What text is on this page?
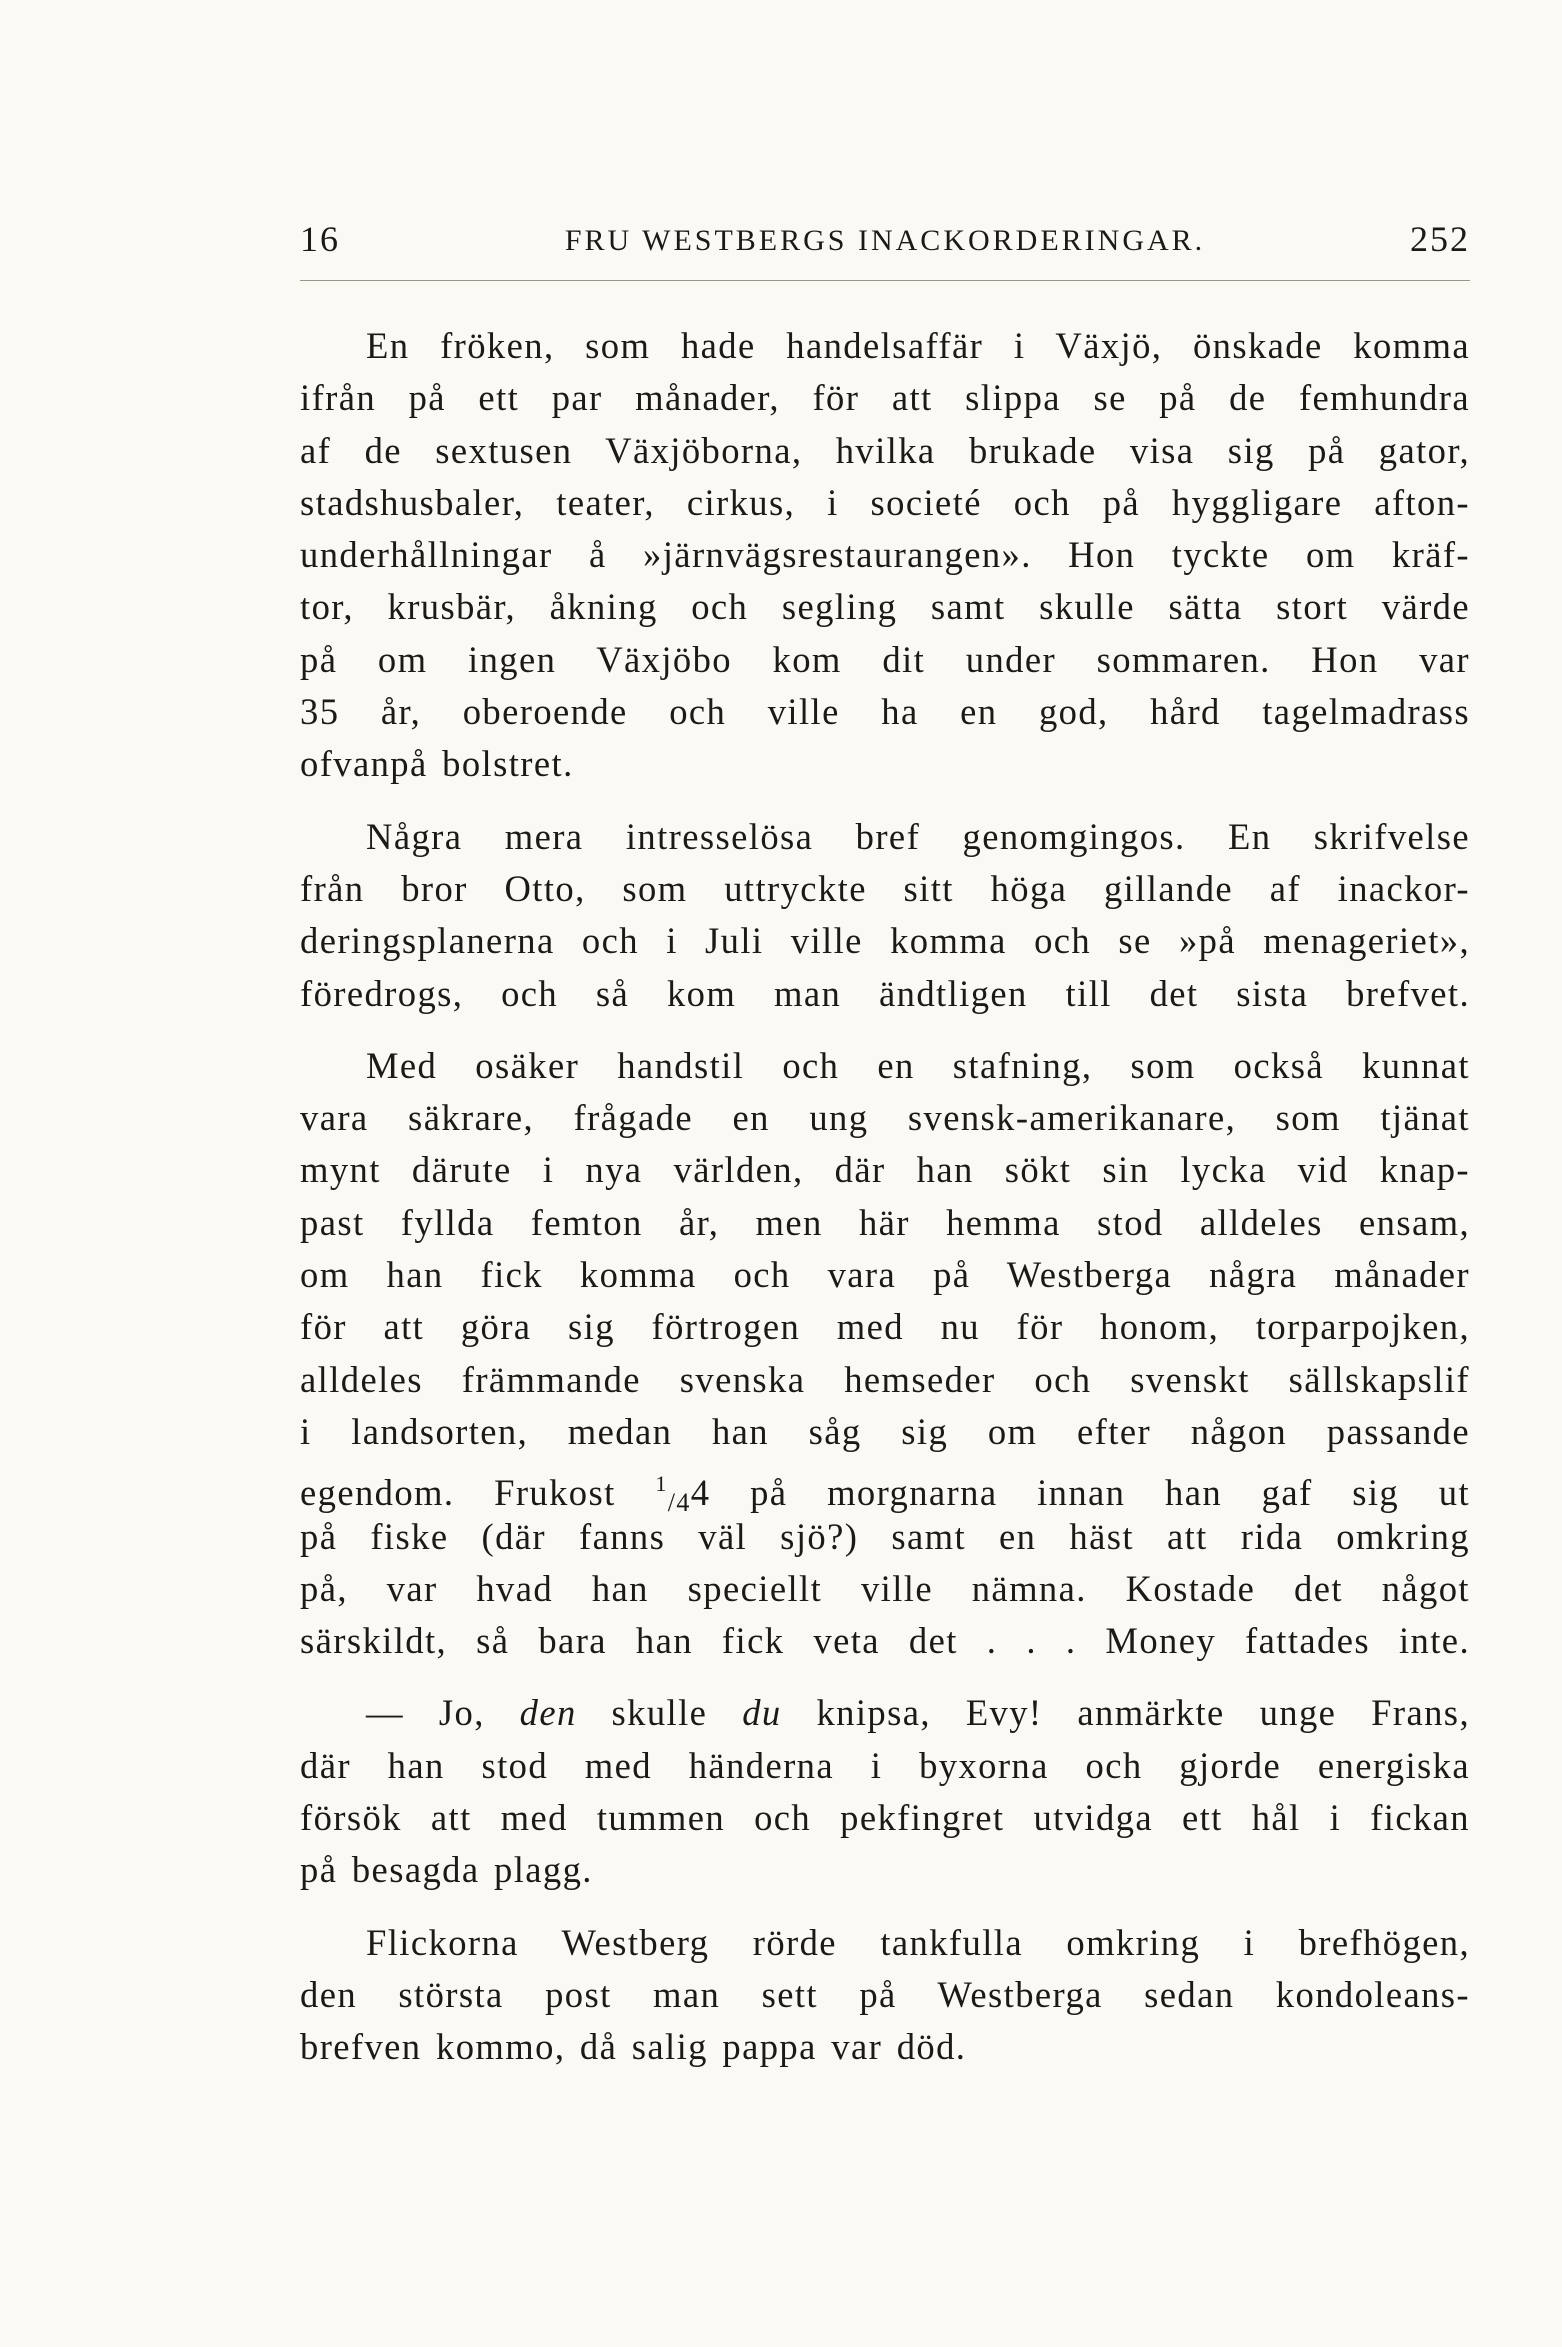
16	FRU WESTBERGS INACKORDERINGAR.	252
En fröken, som hade handelsaffär i Växjö, önskade komma
ifrån på ett par månader, för att slippa se på de femhundra
af de sextusen Växjöborna, hvilka brukade visa sig på gator,
stadshusbaler, teater, cirkus, i societé och på hyggligare afton-
underhållningar å »järnvägsrestaurangen». Hon tyckte om kräf-
tor, krusbär, åkning och segling samt skulle sätta stort värde
på om ingen Växjöbo kom dit under sommaren. Hon var
35 år, oberoende och ville ha en god, hård tagelmadrass
ofvanpå bolstret.
Några mera intresselösa bref genomgingos. En skrifvelse
från bror Otto, som uttryckte sitt höga gillande af inackor-
deringsplanerna och i Juli ville komma och se »på menageriet»,
föredrogs, och så kom man ändtligen till det sista brefvet.
Med osäker handstil och en stafning, som också kunnat
vara säkrare, frågade en ung svensk-amerikanare, som tjänat
mynt därute i nya världen, där han sökt sin lycka vid knap-
past fyllda femton år, men här hemma stod alldeles ensam,
om han fick komma och vara på Westberga några månader
för att göra sig förtrogen med nu för honom, torparpojken,
alldeles främmande svenska hemseder och svenskt sällskapslif
i landsorten, medan han såg sig om efter någon passande
egendom. Frukost $^1_{/4}$4 på morgnarna innan han gaf sig ut
på fiske (där fanns väl sjö?) samt en häst att rida omkring
på, var hvad han speciellt ville nämna. Kostade det något
särskildt, så bara han fick veta det . . . Money fattades inte.
— Jo, den skulle du knipsa, Evy! anmärkte unge Frans,
där han stod med händerna i byxorna och gjorde energiska
försök att med tummen och pekfingret utvidga ett hål i fickan
på besagda plagg.
Flickorna Westberg rörde tankfulla omkring i brefhögen,
den största post man sett på Westberga sedan kondoleans-
brefven kommo, då salig pappa var död.
